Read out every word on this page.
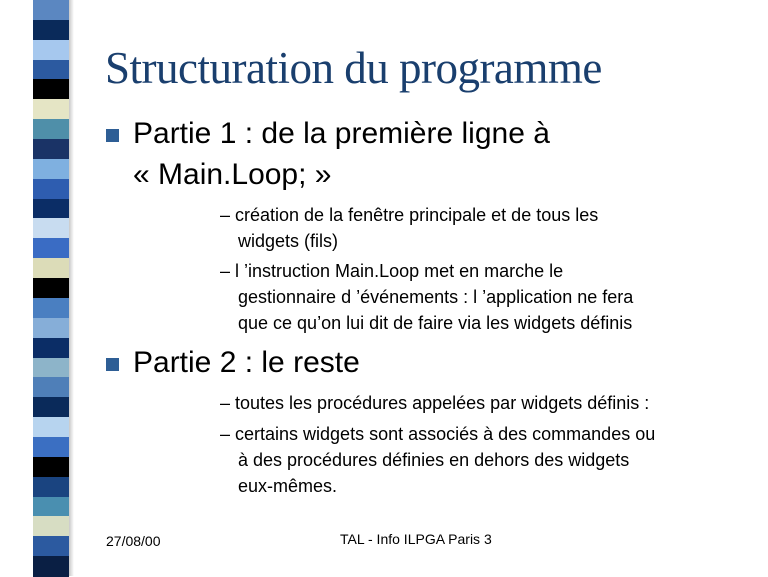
Structuration du programme
Partie 1 : de la première ligne à
« Main.Loop; »
– création de la fenêtre principale et de tous les
widgets (fils)
– l ’instruction Main.Loop met en marche le
gestionnaire d ’événements : l ’application ne fera
que ce qu’on lui dit de faire via les widgets définis
Partie 2 : le reste
– toutes les procédures appelées par widgets définis :
– certains widgets sont associés à des commandes ou
à des procédures définies en dehors des widgets
eux-mêmes.
27/08/00	TAL - Info ILPGA Paris 3
